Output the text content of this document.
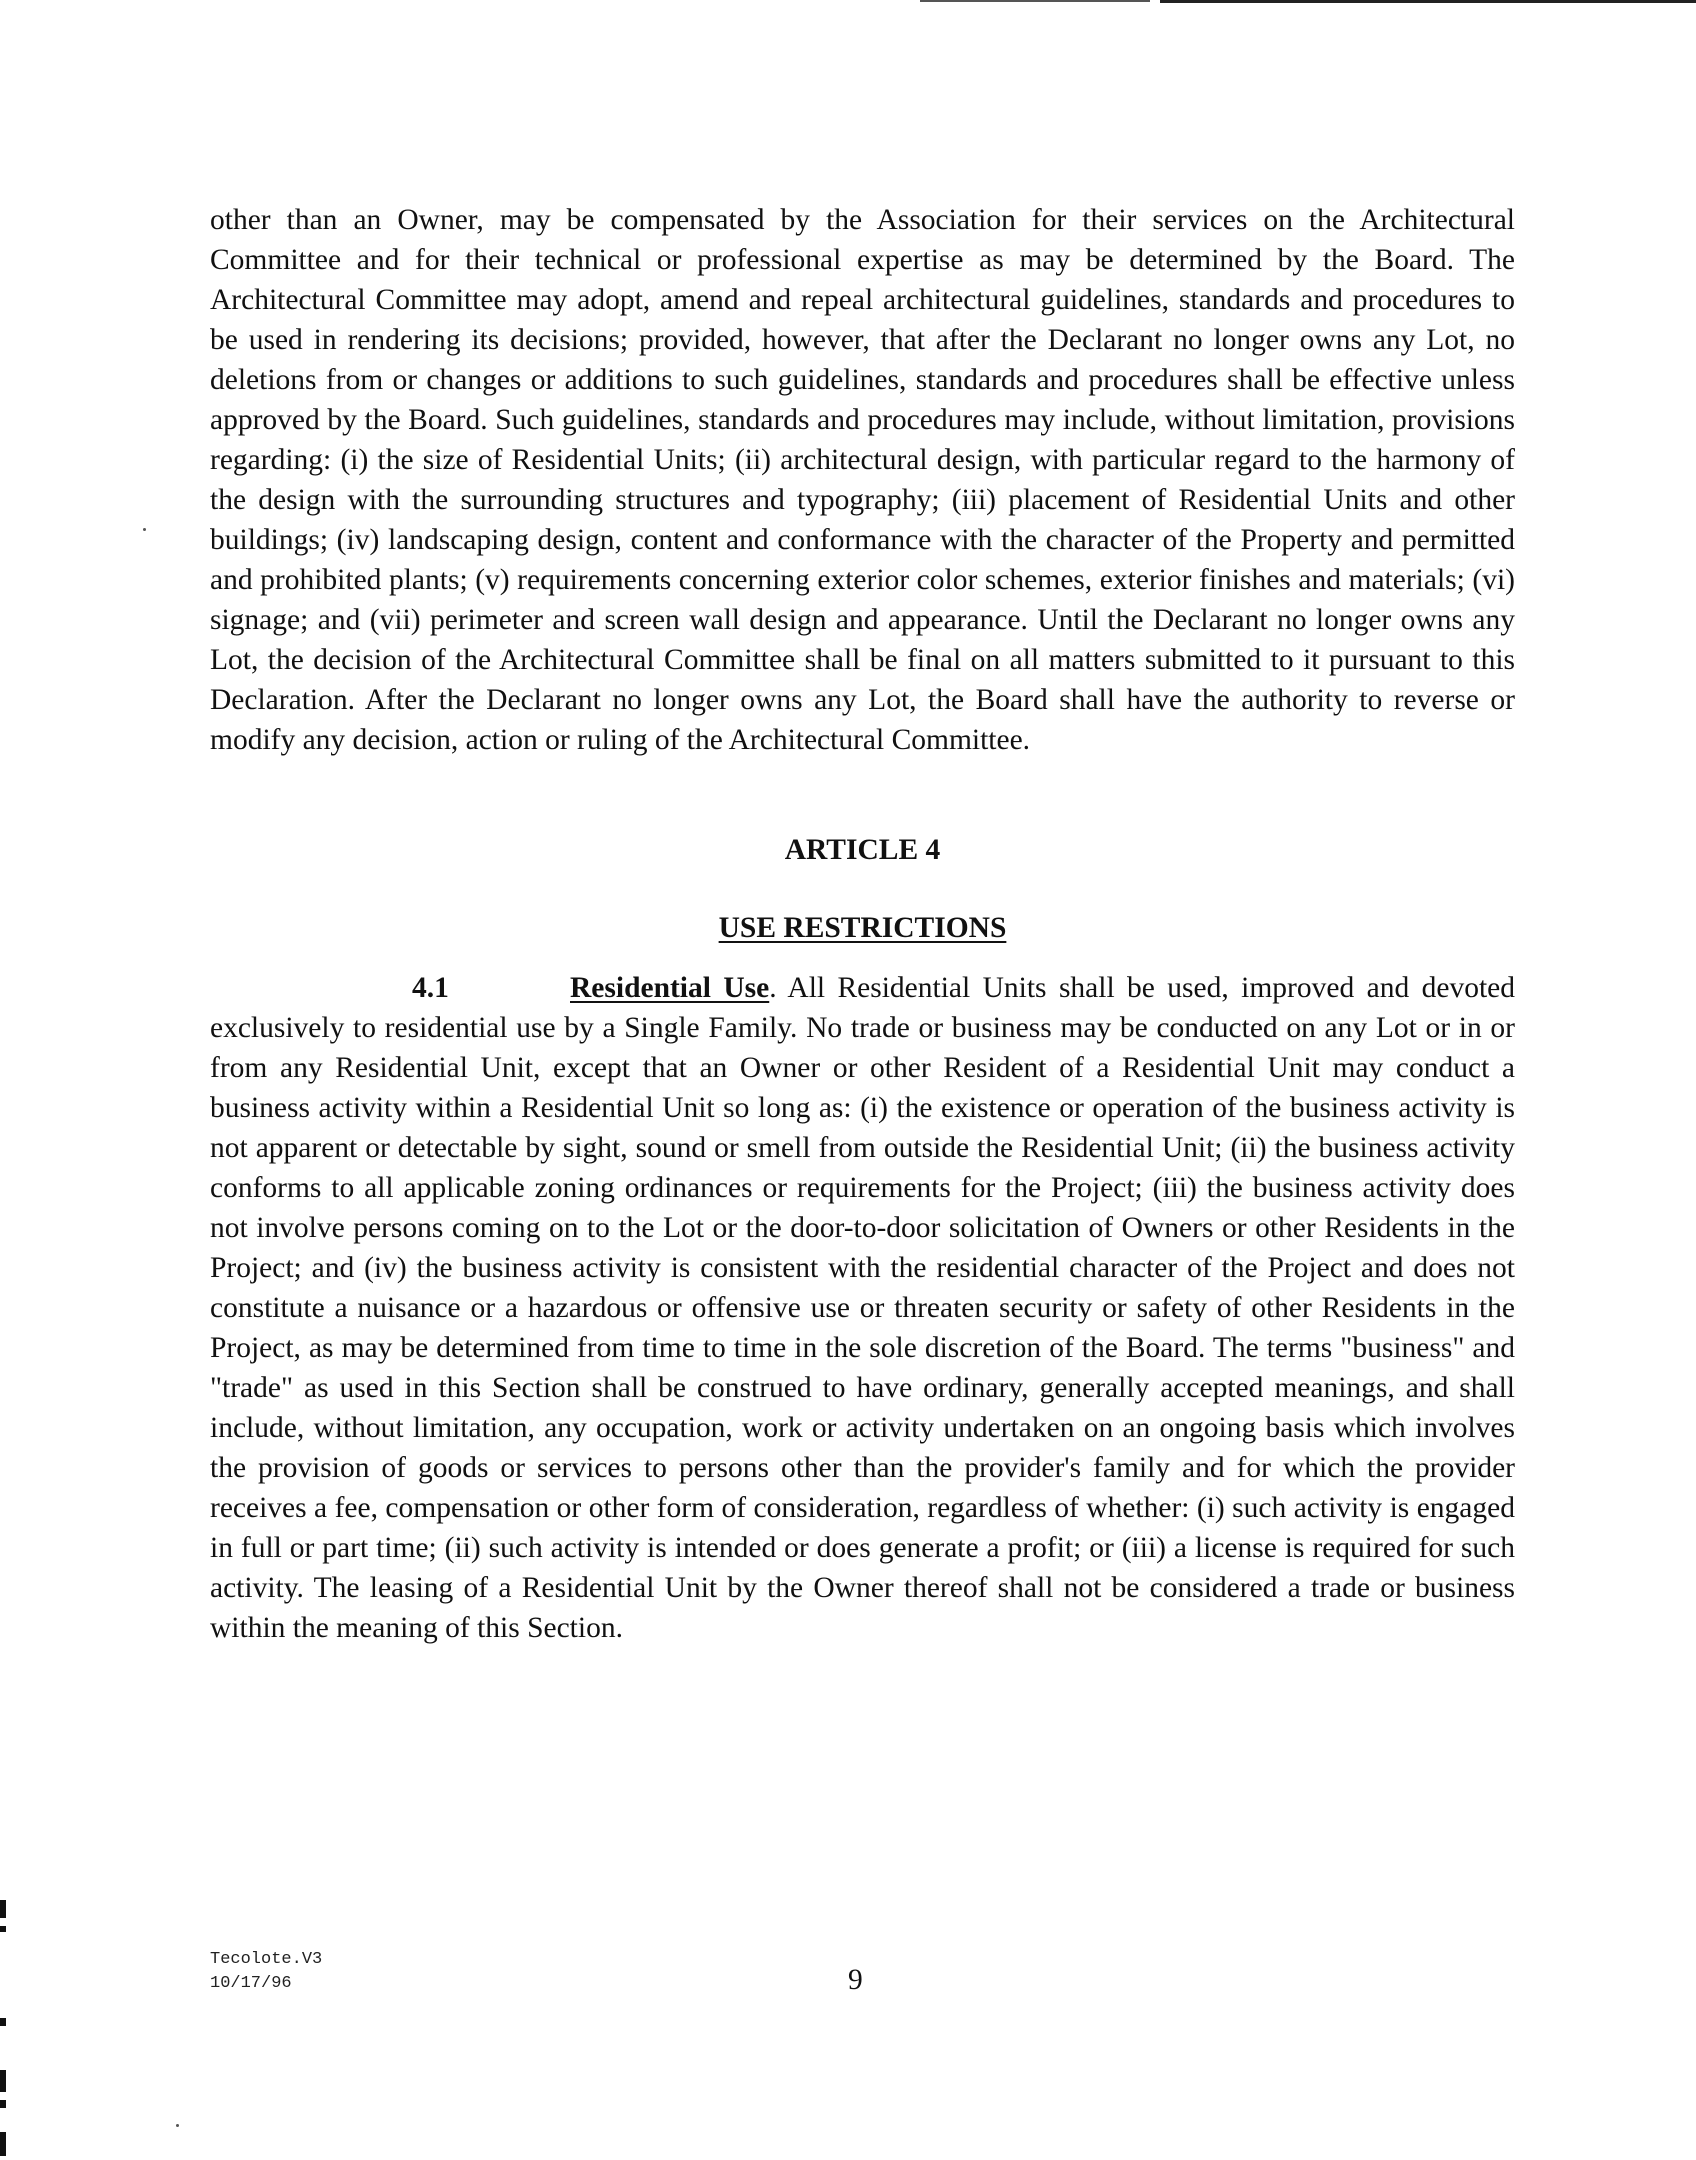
other than an Owner, may be compensated by the Association for their services on the Architectural Committee and for their technical or professional expertise as may be determined by the Board. The Architectural Committee may adopt, amend and repeal architectural guidelines, standards and procedures to be used in rendering its decisions; provided, however, that after the Declarant no longer owns any Lot, no deletions from or changes or additions to such guidelines, standards and procedures shall be effective unless approved by the Board. Such guidelines, standards and procedures may include, without limitation, provisions regarding: (i) the size of Residential Units; (ii) architectural design, with particular regard to the harmony of the design with the surrounding structures and typography; (iii) placement of Residential Units and other buildings; (iv) landscaping design, content and conformance with the character of the Property and permitted and prohibited plants; (v) requirements concerning exterior color schemes, exterior finishes and materials; (vi) signage; and (vii) perimeter and screen wall design and appearance. Until the Declarant no longer owns any Lot, the decision of the Architectural Committee shall be final on all matters submitted to it pursuant to this Declaration. After the Declarant no longer owns any Lot, the Board shall have the authority to reverse or modify any decision, action or ruling of the Architectural Committee.

ARTICLE 4

USE RESTRICTIONS

4.1	Residential Use. All Residential Units shall be used, improved and devoted exclusively to residential use by a Single Family. No trade or business may be conducted on any Lot or in or from any Residential Unit, except that an Owner or other Resident of a Residential Unit may conduct a business activity within a Residential Unit so long as: (i) the existence or operation of the business activity is not apparent or detectable by sight, sound or smell from outside the Residential Unit; (ii) the business activity conforms to all applicable zoning ordinances or requirements for the Project; (iii) the business activity does not involve persons coming on to the Lot or the door-to-door solicitation of Owners or other Residents in the Project; and (iv) the business activity is consistent with the residential character of the Project and does not constitute a nuisance or a hazardous or offensive use or threaten security or safety of other Residents in the Project, as may be determined from time to time in the sole discretion of the Board. The terms "business" and "trade" as used in this Section shall be construed to have ordinary, generally accepted meanings, and shall include, without limitation, any occupation, work or activity undertaken on an ongoing basis which involves the provision of goods or services to persons other than the provider's family and for which the provider receives a fee, compensation or other form of consideration, regardless of whether: (i) such activity is engaged in full or part time; (ii) such activity is intended or does generate a profit; or (iii) a license is required for such activity. The leasing of a Residential Unit by the Owner thereof shall not be considered a trade or business within the meaning of this Section.

Tecolote.V3
10/17/96	9
